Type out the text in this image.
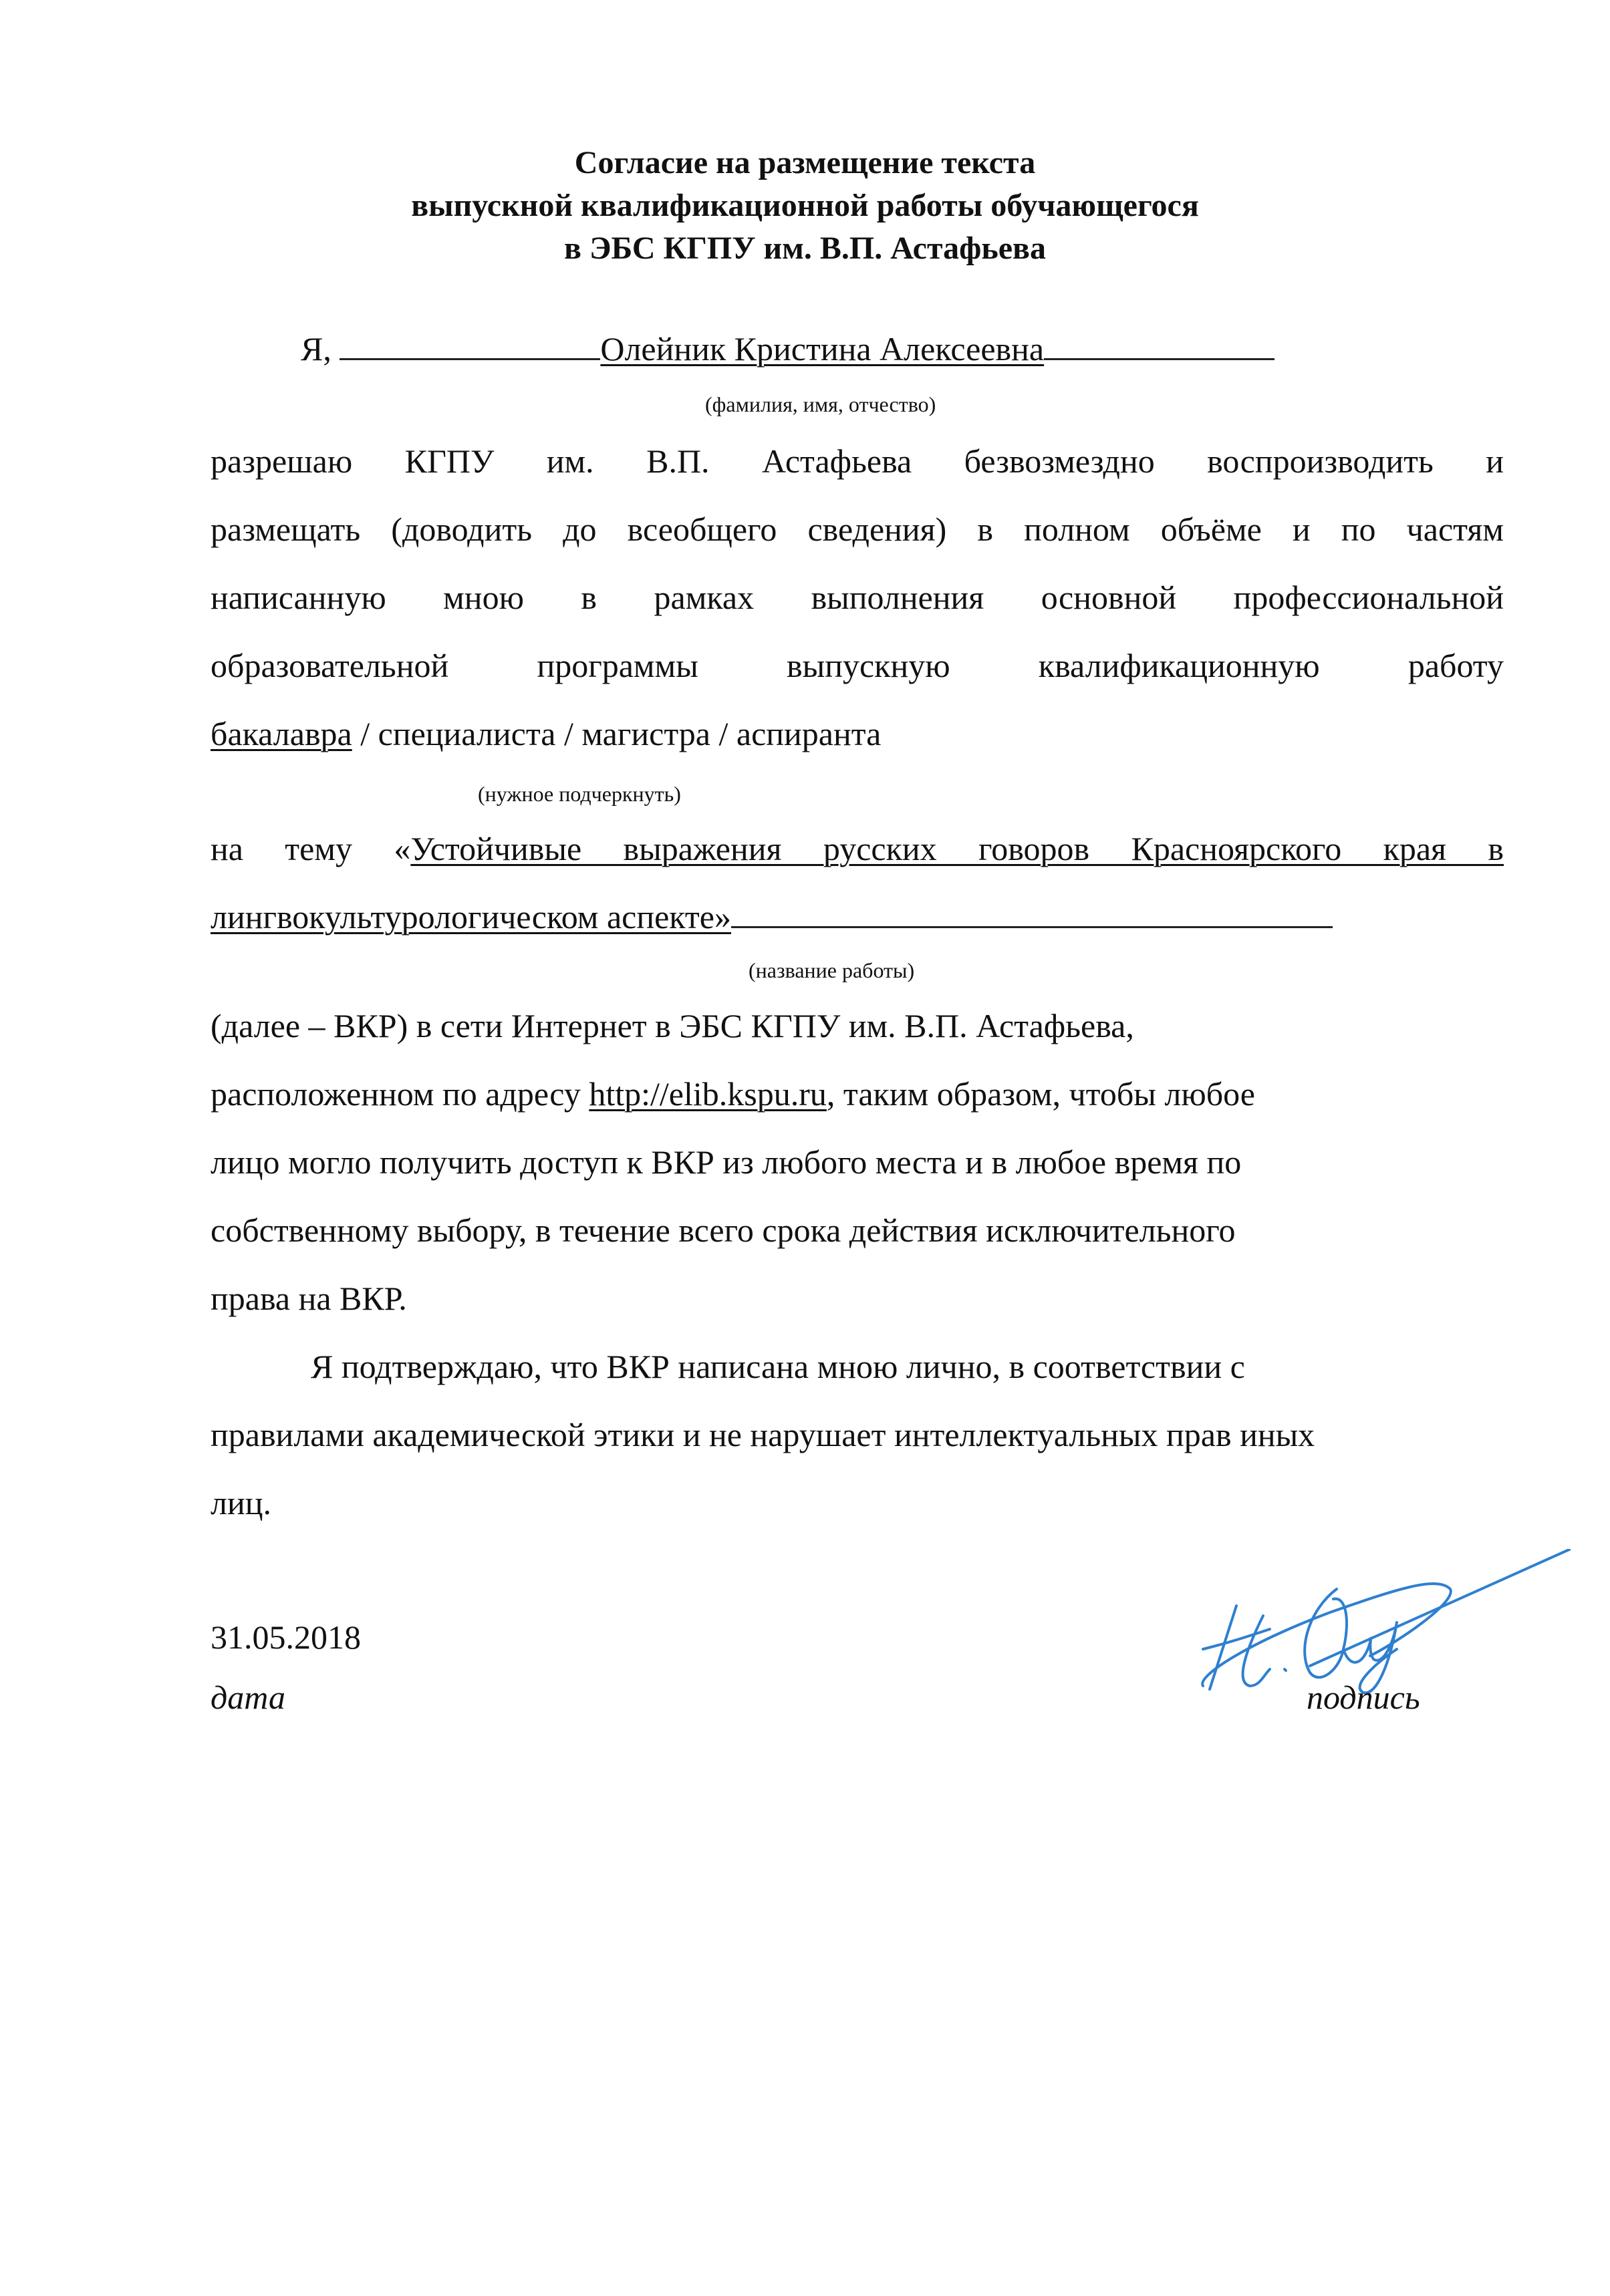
Согласие на размещение текста
выпускной квалификационной работы обучающегося
в ЭБС КГПУ им. В.П. Астафьева
Я,	Олейник Кристина Алексеевна
(фамилия, имя, отчество)
разрешаю КГПУ им. В.П. Астафьева безвозмездно воспроизводить и
размещать (доводить до всеобщего сведения) в полном объёме и по частям
написанную мною в рамках выполнения основной профессиональной
образовательной программы выпускную квалификационную работу
бакалавра / специалиста / магистра / аспиранта
(нужное подчеркнуть)
на тему «Устойчивые выражения русских говоров Красноярского края в
лингвокультурологическом аспекте»
(название работы)
(далее – ВКР) в сети Интернет в ЭБС КГПУ им. В.П. Астафьева,
расположенном по адресу http://elib.kspu.ru, таким образом, чтобы любое
лицо могло получить доступ к ВКР из любого места и в любое время по
собственному выбору, в течение всего срока действия исключительного
права на ВКР.
Я подтверждаю, что ВКР написана мною лично, в соответствии с
правилами академической этики и не нарушает интеллектуальных прав иных
лиц.
31.05.2018
дата	подпись
